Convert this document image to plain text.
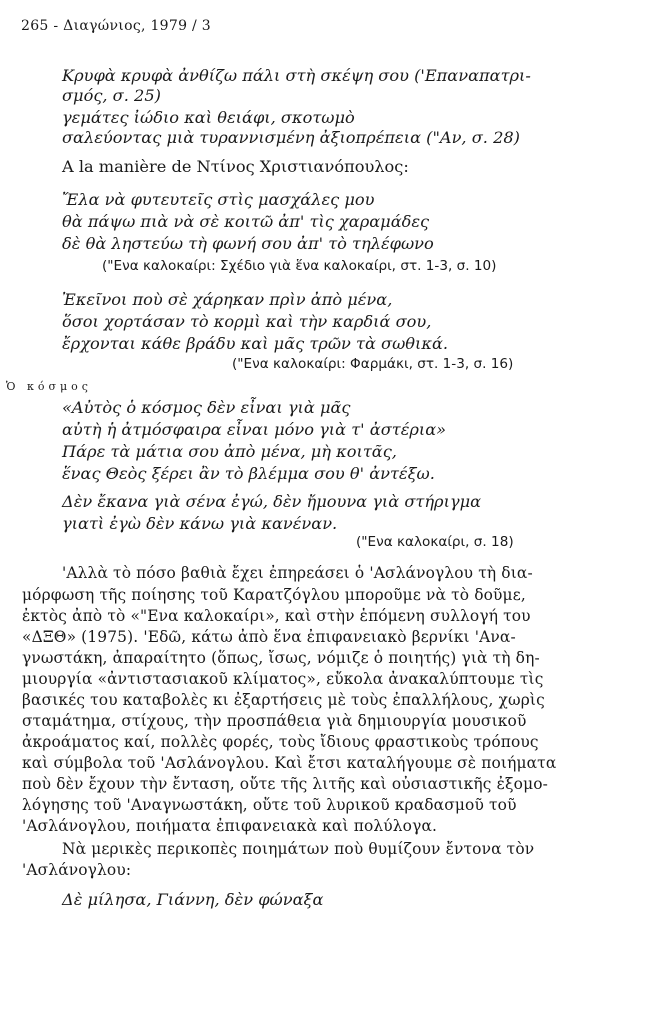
265 - Διαγώνιος, 1979 / 3
Κρυφὰ κρυφὰ ἀνθίζω πάλι στὴ σκέψη σου ('Επαναπατρι-
σμός, σ. 25)
γεμάτες ἰώδιο καὶ θειάφι, σκοτωμὸ
σαλεύοντας μιὰ τυραννισμένη ἀξιοπρέπεια ("Αν, σ. 28)
A la manière de Ντίνος Χριστιανόπουλος:
Ἔλα νὰ φυτευτεῖς στὶς μασχάλες μου
θὰ πάψω πιὰ νὰ σὲ κοιτῶ ἀπ' τὶς χαραμάδες
δὲ θὰ ληστεύω τὴ φωνή σου ἀπ' τὸ τηλέφωνο
("Ενα καλοκαίρι: Σχέδιο γιὰ ἕνα καλοκαίρι, στ. 1-3, σ. 10)
Ἐκεῖνοι ποὺ σὲ χάρηκαν πρὶν ἀπὸ μένα,
ὅσοι χορτάσαν τὸ κορμὶ καὶ τὴν καρδιά σου,
ἔρχονται κάθε βράδυ καὶ μᾶς τρῶν τὰ σωθικά.
("Ενα καλοκαίρι: Φαρμάκι, στ. 1-3, σ. 16)
Ὁ κόσμος
«Αὐτὸς ὁ κόσμος δὲν εἶναι γιὰ μᾶς
αὐτὴ ἡ ἀτμόσφαιρα εἶναι μόνο γιὰ τ' ἀστέρια»
Πάρε τὰ μάτια σου ἀπὸ μένα, μὴ κοιτᾶς,
ἕνας Θεὸς ξέρει ἂν τὸ βλέμμα σου θ' ἀντέξω.
Δὲν ἔκανα γιὰ σένα ἐγώ, δὲν ἤμουνα γιὰ στήριγμα
γιατὶ ἐγὼ δὲν κάνω γιὰ κανέναν.
("Ενα καλοκαίρι, σ. 18)
'Αλλὰ τὸ πόσο βαθιὰ ἔχει ἐπηρεάσει ὁ 'Ασλάνογλου τὴ δια-
μόρφωση τῆς ποίησης τοῦ Καρατζόγλου μποροῦμε νὰ τὸ δοῦμε,
ἐκτὸς ἀπὸ τὸ «"Ενα καλοκαίρι», καὶ στὴν ἑπόμενη συλλογή του
«ΔΞΘ» (1975). 'Εδῶ, κάτω ἀπὸ ἕνα ἐπιφανειακὸ βερνίκι 'Ανα-
γνωστάκη, ἀπαραίτητο (ὅπως, ἴσως, νόμιζε ὁ ποιητής) γιὰ τὴ δη-
μιουργία «ἀντιστασιακοῦ κλίματος», εὔκολα ἀνακαλύπτουμε τὶς
βασικές του καταβολὲς κι ἐξαρτήσεις μὲ τοὺς ἐπαλλήλους, χωρὶς
σταμάτημα, στίχους, τὴν προσπάθεια γιὰ δημιουργία μουσικοῦ
ἀκροάματος καί, πολλὲς φορές, τοὺς ἴδιους φραστικοὺς τρόπους
καὶ σύμβολα τοῦ 'Ασλάνογλου. Καὶ ἔτσι καταλήγουμε σὲ ποιήματα
ποὺ δὲν ἔχουν τὴν ἔνταση, οὔτε τῆς λιτῆς καὶ οὐσιαστικῆς ἐξομο-
λόγησης τοῦ 'Αναγνωστάκη, οὔτε τοῦ λυρικοῦ κραδασμοῦ τοῦ
'Ασλάνογλου, ποιήματα ἐπιφανειακὰ καὶ πολύλογα.
Νὰ μερικὲς περικοπὲς ποιημάτων ποὺ θυμίζουν ἔντονα τὸν
'Ασλάνογλου:
Δὲ μίλησα, Γιάννη, δὲν φώναξα
